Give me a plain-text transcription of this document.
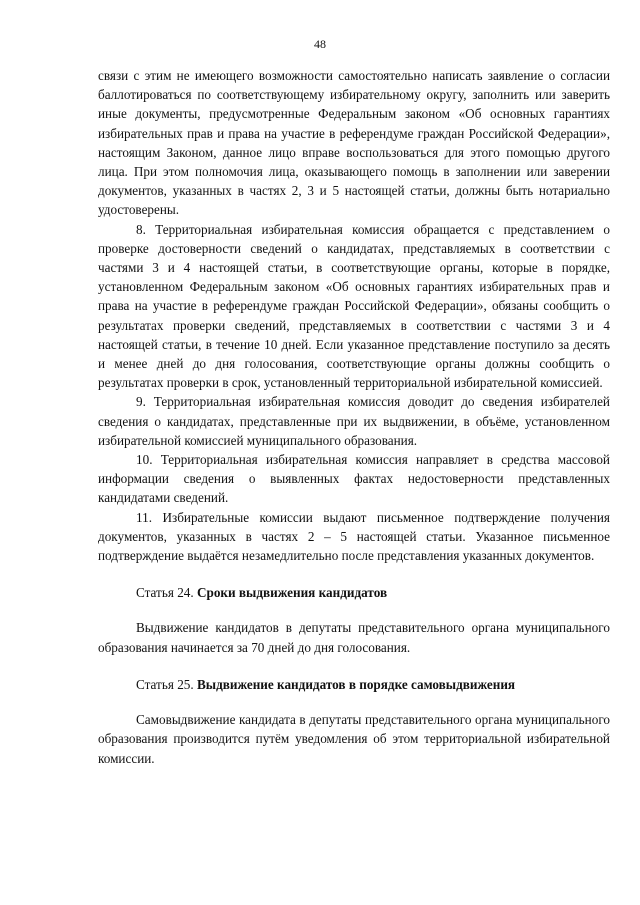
48

связи с этим не имеющего возможности самостоятельно написать заявление о согласии баллотироваться по соответствующему избирательному округу, заполнить или заверить иные документы, предусмотренные Федеральным законом «Об основных гарантиях избирательных прав и права на участие в референдуме граждан Российской Федерации», настоящим Законом, данное лицо вправе воспользоваться для этого помощью другого лица. При этом полномочия лица, оказывающего помощь в заполнении или заверении документов, указанных в частях 2, 3 и 5 настоящей статьи, должны быть нотариально удостоверены.

8. Территориальная избирательная комиссия обращается с представлением о проверке достоверности сведений о кандидатах, представляемых в соответствии с частями 3 и 4 настоящей статьи, в соответствующие органы, которые в порядке, установленном Федеральным законом «Об основных гарантиях избирательных прав и права на участие в референдуме граждан Российской Федерации», обязаны сообщить о результатах проверки сведений, представляемых в соответствии с частями 3 и 4 настоящей статьи, в течение 10 дней. Если указанное представление поступило за десять и менее дней до дня голосования, соответствующие органы должны сообщить о результатах проверки в срок, установленный территориальной избирательной комиссией.

9. Территориальная избирательная комиссия доводит до сведения избирателей сведения о кандидатах, представленные при их выдвижении, в объёме, установленном избирательной комиссией муниципального образования.

10. Территориальная избирательная комиссия направляет в средства массовой информации сведения о выявленных фактах недостоверности представленных кандидатами сведений.

11. Избирательные комиссии выдают письменное подтверждение получения документов, указанных в частях 2 – 5 настоящей статьи. Указанное письменное подтверждение выдаётся незамедлительно после представления указанных документов.

Статья 24. Сроки выдвижения кандидатов

Выдвижение кандидатов в депутаты представительного органа муниципального образования начинается за 70 дней до дня голосования.

Статья 25. Выдвижение кандидатов в порядке самовыдвижения

Самовыдвижение кандидата в депутаты представительного органа муниципального образования производится путём уведомления об этом территориальной избирательной комиссии.
